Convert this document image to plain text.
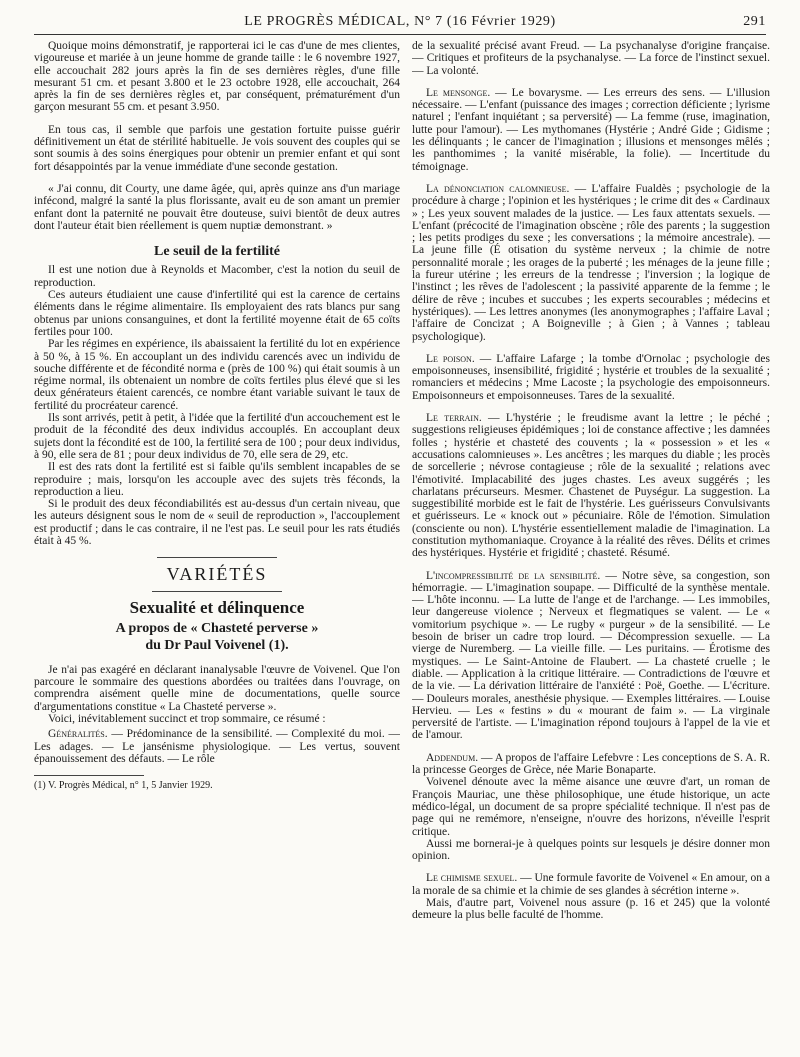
LE PROGRÈS MÉDICAL, N° 7 (16 Février 1929)	291

Quoique moins démonstratif, je rapporterai ici le cas d'une de mes clientes, vigoureuse et mariée à un jeune homme de grande taille : le 6 novembre 1927, elle accouchait 282 jours après la fin de ses dernières règles, d'une fille mesurant 51 cm. et pesant 3.800 et le 23 octobre 1928, elle accouchait, 264 après la fin de ses dernières règles et, par conséquent, prématurément d'un garçon mesurant 55 cm. et pesant 3.950.

En tous cas, il semble que parfois une gestation fortuite puisse guérir définitivement un état de stérilité habituelle. Je vois souvent des couples qui se sont soumis à des soins énergiques pour obtenir un premier enfant et qui sont fort désappointés par la venue immédiate d'une seconde gestation.

« J'ai connu, dit Courty, une dame âgée, qui, après quinze ans d'un mariage infécond, malgré la santé la plus florissante, avait eu de son amant un premier enfant dont la paternité ne pouvait être douteuse, suivi bientôt de deux autres dont l'auteur était bien réellement is quem nuptiæ demonstrant. »

Le seuil de la fertilité

Il est une notion due à Reynolds et Macomber, c'est la notion du seuil de reproduction.

Ces auteurs étudiaient une cause d'infertilité qui est la carence de certains éléments dans le régime alimentaire. Ils employaient des rats blancs pur sang obtenus par unions consanguines, et dont la fertilité moyenne était de 65 coïts fertiles pour 100.

Par les régimes en expérience, ils abaissaient la fertilité du lot en expérience à 50 %, à 15 %. En accouplant un des individu carencés avec un individu de souche différente et de fécondité norma e (près de 100 %) qui était soumis à un régime normal, ils obtenaient un nombre de coïts fertiles plus élevé que si les deux générateurs étaient carencés, ce nombre étant variable suivant le taux de fertilité du procréateur carencé.

Ils sont arrivés, petit à petit, à l'idée que la fertilité d'un accouchement est le produit de la fécondité des deux individus accouplés. En accouplant deux sujets dont la fécondité est de 100, la fertilité sera de 100 ; pour deux individus, à 90, elle sera de 81 ; pour deux individus de 70, elle sera de 29, etc.

Il est des rats dont la fertilité est si faible qu'ils semblent incapables de se reproduire ; mais, lorsqu'on les accouple avec des sujets très féconds, la reproduction a lieu.

Si le produit des deux fécondiabilités est au-dessus d'un certain niveau, que les auteurs désignent sous le nom de « seuil de reproduction », l'accouplement est productif ; dans le cas contraire, il ne l'est pas. Le seuil pour les rats étudiés était à 45 %.

VARIÉTÉS
Sexualité et délinquence
A propos de « Chasteté perverse »
du Dr Paul Voivenel (1).

Je n'ai pas exagéré en déclarant inanalysable l'œuvre de Voivenel. Que l'on parcoure le sommaire des questions abordées ou traitées dans l'ouvrage, on comprendra aisément quelle mine de documentations, quelle source d'argumentations constitue « La Chasteté perverse ».

Voici, inévitablement succinct et trop sommaire, ce résumé :

Généralités. — Prédominance de la sensibilité. — Complexité du moi. — Les adages. — Le jansénisme physiologique. — Les vertus, souvent épanouissement des défauts. — Le rôle

(1) V. Progrès Médical, n° 1, 5 Janvier 1929.

de la sexualité précisé avant Freud. — La psychanalyse d'origine française. — Critiques et profiteurs de la psychanalyse. — La force de l'instinct sexuel. — La volonté.

Le mensonge. — Le bovarysme. — Les erreurs des sens. — L'illusion nécessaire. — L'enfant (puissance des images ; correction déficiente ; lyrisme naturel ; l'enfant inquiétant ; sa perversité) — La femme (ruse, imagination, lutte pour l'amour). — Les mythomanes (Hystérie ; André Gide ; Gidisme ; les délinquants ; le cancer de l'imagination ; illusions et mensonges mêlés ; les panthomimes ; la vanité misérable, la folie). — Incertitude du témoignage.

La dénonciation calomnieuse. — L'affaire Fualdès ; psychologie de la procédure à charge ; l'opinion et les hystériques ; le crime dit des « Cardinaux » ; Les yeux souvent malades de la justice. — Les faux attentats sexuels. — L'enfant (précocité de l'imagination obscène ; rôle des parents ; la suggestion ; les petits prodiges du sexe ; les conversations ; la mémoire ancestrale). — La jeune fille (É otisation du système nerveux ; la chimie de notre personnalité morale ; les orages de la puberté ; les ménages de la jeune fille ; la fureur utérine ; les erreurs de la tendresse ; l'inversion ; la logique de l'instinct ; les rêves de l'adolescent ; la passivité apparente de la femme ; le délire de rêve ; incubes et succubes ; les experts secourables ; médecins et hystériques). — Les lettres anonymes (les anonymographes ; l'affaire Laval ; l'affaire de Concizat ; A Boigneville ; à Gien ; à Vannes ; tableau psychologique).

Le poison. — L'affaire Lafarge ; la tombe d'Ornolac ; psychologie des empoisonneuses, insensibilité, frigidité ; hystérie et troubles de la sexualité ; romanciers et médecins ; Mme Lacoste ; la psychologie des empoisonneurs. Empoisonneurs et empoisonneuses. Tares de la sexualité.

Le terrain. — L'hystérie ; le freudisme avant la lettre ; le péché ; suggestions religieuses épidémiques ; loi de constance affective ; les damnées folles ; hystérie et chasteté des couvents ; la « possession » et les « accusations calomnieuses ». Les ancêtres ; les marques du diable ; les procès de sorcellerie ; névrose contagieuse ; rôle de la sexualité ; relations avec l'émotivité. Implacabilité des juges chastes. Les aveux suggérés ; les charlatans précurseurs. Mesmer. Chastenet de Puységur. La suggestion. La suggestibilité morbide est le fait de l'hystérie. Les guérisseurs Convulsivants et guérisseurs. Le « knock out » pécuniaire. Rôle de l'émotion. Simulation (consciente ou non). L'hystérie essentiellement maladie de l'imagination. La constitution mythomaniaque. Croyance à la réalité des rêves. Délits et crimes des hystériques. Hystérie et frigidité ; chasteté. Résumé.

L'incompressibilité de la sensibilité. — Notre sève, sa congestion, son hémorragie. — L'imagination soupape. — Difficulté de la synthèse mentale. — L'hôte inconnu. — La lutte de l'ange et de l'archange. — Les immobiles, leur dangereuse violence ; Nerveux et flegmatiques se valent. — Le « vomitorium psychique ». — Le rugby « purgeur » de la sensibilité. — Le besoin de briser un cadre trop lourd. — Décompression sexuelle. — La vierge de Nuremberg. — La vieille fille. — Les puritains. — Érotisme des mystiques. — Le Saint-Antoine de Flaubert. — La chasteté cruelle ; le diable. — Application à la critique littéraire. — Contradictions de l'œuvre et de la vie. — La dérivation littéraire de l'anxiété : Poë, Goethe. — L'écriture. — Douleurs morales, anesthésie physique. — Exemples littéraires. — Louise Hervieu. — Les « festins » du « mourant de faim ». — La virginale perversité de l'artiste. — L'imagination répond toujours à l'appel de la vie et de l'amour.

Addendum. — A propos de l'affaire Lefebvre : Les conceptions de S. A. R. la princesse Georges de Grèce, née Marie Bonaparte.

Voivenel dénoute avec la même aisance une œuvre d'art, un roman de François Mauriac, une thèse philosophique, une étude historique, un acte médico-légal, un document de sa propre spécialité technique. Il n'est pas de page qui ne remémore, n'enseigne, n'ouvre des horizons, n'éveille l'esprit critique.

Aussi me bornerai-je à quelques points sur lesquels je désire donner mon opinion.

Le chimisme sexuel. — Une formule favorite de Voivenel « En amour, on a la morale de sa chimie et la chimie de ses glandes à sécrétion interne ».

Mais, d'autre part, Voivenel nous assure (p. 16 et 245) que la volonté demeure la plus belle faculté de l'homme.
